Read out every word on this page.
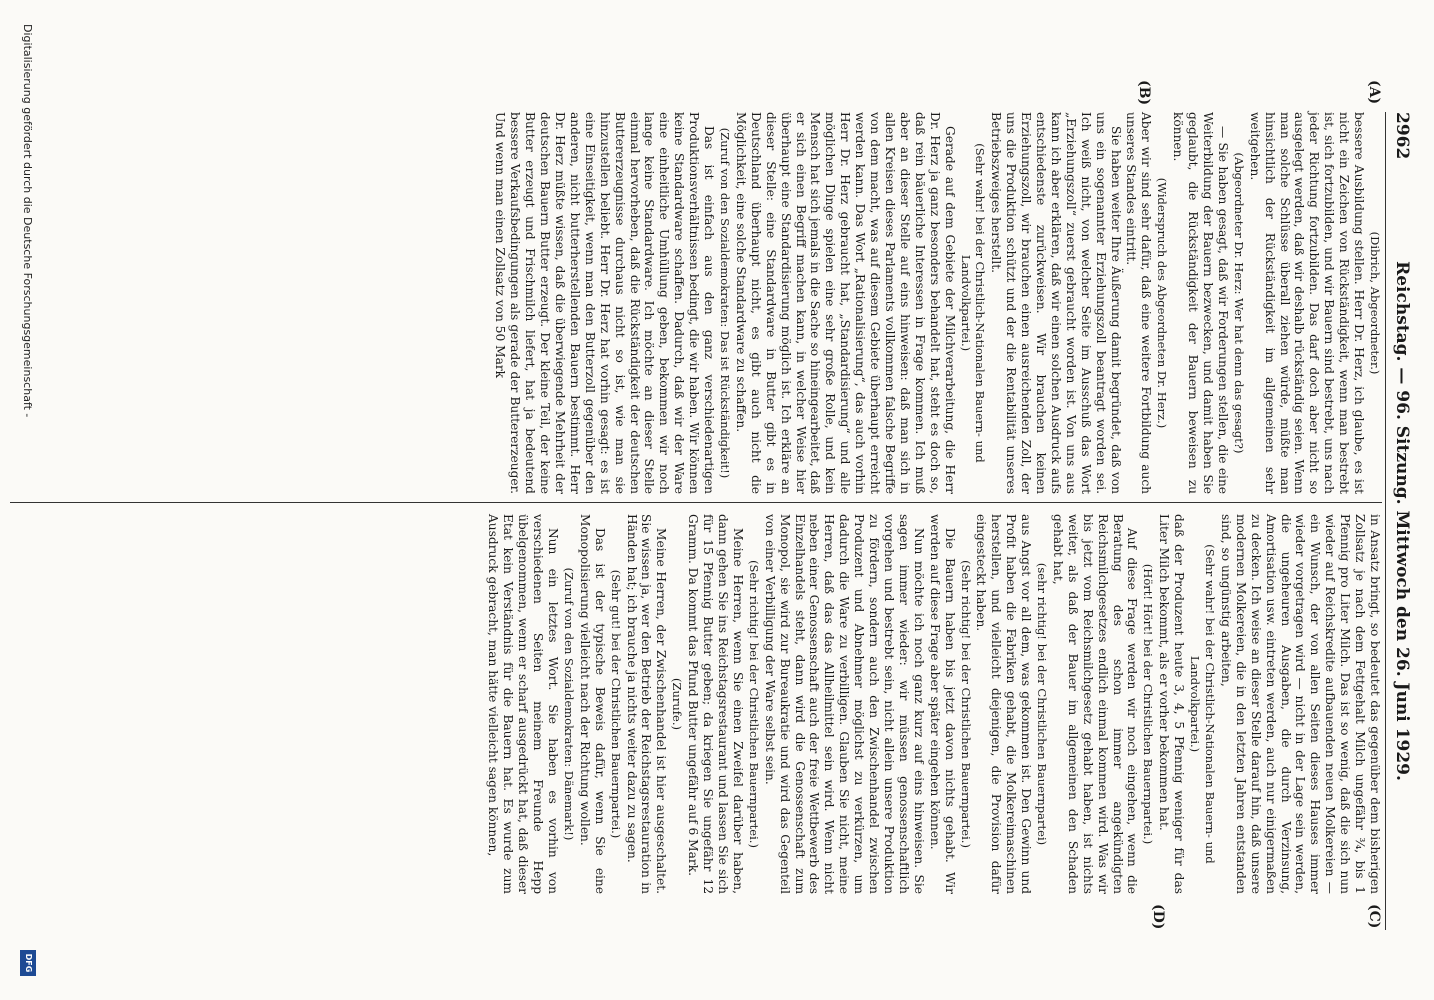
2962
Reichstag. — 96. Sitzung. Mittwoch den 26. Juni 1929.
(A)
(B)
(C)
(D)

(Dibrich, Abgeordneter.)

bessere Ausbildung stellen. Herr Dr. Herz, ich glaube, es ist nicht ein Zeichen von Rückständigkeit, wenn man bestrebt ist, sich fortzubilden, und wir Bauern sind bestrebt, uns nach jeder Richtung fortzubilden. Das darf doch aber nicht so ausgelegt werden, daß wir deshalb rückständig seien. Wenn man solche Schlüsse überall ziehen würde, müßte man hinsichtlich der Rückständigkeit im allgemeinen sehr weitgehen.

(Abgeordneter Dr. Herz: Wer hat denn das gesagt?)

— Sie haben gesagt, daß wir Forderungen stellen, die eine Weiterbildung der Bauern bezwecken, und damit haben Sie geglaubt, die Rückständigkeit der Bauern beweisen zu können.

(Widerspruch des Abgeordneten Dr. Herz.)

Aber wir sind sehr dafür, daß eine weitere Fortbildung auch unseres Standes eintritt.

Sie haben weiter Ihre Äußerung damit begründet, daß von uns ein sogenannter Erziehungszoll beantragt worden sei. Ich weiß nicht, von welcher Seite im Ausschuß das Wort „Erziehungszoll“ zuerst gebraucht worden ist. Von uns aus kann ich aber erklären, daß wir einen solchen Ausdruck aufs entschiedenste zurückweisen. Wir brauchen keinen Erziehungszoll, wir brauchen einen ausreichenden Zoll, der uns die Produktion schützt und der die Rentabilität unseres Betriebszweiges herstellt.

(Sehr wahr! bei der Christlich-Nationalen Bauern- und Landvolkpartei.)

Gerade auf dem Gebiete der Milchverarbeitung, die Herr Dr. Herz ja ganz besonders behandelt hat, steht es doch so, daß rein bäuerliche Interessen in Frage kommen. Ich muß aber an dieser Stelle auf eins hinweisen: daß man sich in allen Kreisen dieses Parlaments vollkommen falsche Begriffe von dem macht, was auf diesem Gebiete überhaupt erreicht werden kann. Das Wort „Rationalisierung“, das auch vorhin Herr Dr. Herz gebraucht hat, „Standardisierung“ und alle möglichen Dinge spielen eine sehr große Rolle, und kein Mensch hat sich jemals in die Sache so hineingearbeitet, daß er sich einen Begriff machen kann, in welcher Weise hier überhaupt eine Standardisierung möglich ist. Ich erkläre an dieser Stelle: eine Standardware in Butter gibt es in Deutschland überhaupt nicht, es gibt auch nicht die Möglichkeit, eine solche Standardware zu schaffen.

(Zuruf von den Sozialdemokraten: Das ist Rückständigkeit!)

Das ist einfach aus den ganz verschiedenartigen Produktionsverhältnissen bedingt, die wir haben. Wir können keine Standardware schaffen. Dadurch, daß wir der Ware eine einheitliche Umhüllung geben, bekommen wir noch lange keine Standardware. Ich möchte an dieser Stelle einmal hervorheben, daß die Rückständigkeit der deutschen Buttererzeugnisse durchaus nicht so ist, wie man sie hinzustellen beliebt. Herr Dr. Herz hat vorhin gesagt: es ist eine Einseitigkeit, wenn man den Butterzoll gegenüber den anderen, nicht butterherstellenden Bauern bestimmt. Herr Dr. Herz müßte wissen, daß die überwiegende Mehrheit der deutschen Bauern Butter erzeugt. Der kleine Teil, der keine Butter erzeugt und Frischmilch liefert, hat ja bedeutend bessere Verkaufsbedingungen als gerade der Buttererzeuger. Und wenn man einen Zollsatz von 50 Mark

in Ansatz bringt, so bedeutet das gegenüber dem bisherigen Zollsatz je nach dem Fettgehalt Milch ungefähr ¾, bis 1 Pfennig pro Liter Milch. Das ist so wenig, daß die sich nun wieder auf Reichskredite aufbauenden neuen Molkereien — ein Wunsch, der von allen Seiten dieses Hauses immer wieder vorgetragen wird — nicht in der Lage sein werden, die ungeheuren Ausgaben, die durch Verzinsung, Amortisation usw. eintreten werden, auch nur einigermaßen zu decken. Ich weise an dieser Stelle darauf hin, daß unsere modernen Molkereien, die in den letzten Jahren entstanden sind, so ungünstig arbeiten,

(Sehr wahr! bei der Christlich-Nationalen Bauern- und Landvolkpartei.)

daß der Produzent heute 3, 4, 5 Pfennig weniger für das Liter Milch bekommt, als er vorher bekommen hat.

(Hört! Hört! bei der Christlichen Bauernpartei.)

Auf diese Frage werden wir noch eingehen, wenn die Beratung des schon immer angekündigten Reichsmilchgesetzes endlich einmal kommen wird. Was wir bis jetzt vom Reichsmilchgesetz gehabt haben, ist nichts weiter, als daß der Bauer im allgemeinen den Schaden gehabt hat,

(sehr richtig! bei der Christlichen Bauernpartei)

aus Angst vor all dem, was gekommen ist. Den Gewinn und Profit haben die Fabriken gehabt, die Molkereimaschinen herstellen, und vielleicht diejenigen, die Provision dafür eingesteckt haben.

(Sehr richtig! bei der Christlichen Bauernpartei.)

Die Bauern haben bis jetzt davon nichts gehabt. Wir werden auf diese Frage aber später eingehen können.

Nun möchte ich noch ganz kurz auf eins hinweisen. Sie sagen immer wieder: wir müssen genossenschaftlich vorgehen und bestrebt sein, nicht allein unsere Produktion zu fördern, sondern auch den Zwischenhandel zwischen Produzent und Abnehmer möglichst zu verkürzen, um dadurch die Ware zu verbilligen. Glauben Sie nicht, meine Herren, daß das das Allheilmittel sein wird. Wenn nicht neben einer Genossenschaft auch der freie Wettbewerb des Einzelhandels steht, dann wird die Genossenschaft zum Monopol, sie wird zur Bureaukratie und wird das Gegenteil von einer Verbilligung der Ware selbst sein.

(Sehr richtig! bei der Christlichen Bauernpartei.)

Meine Herren, wenn Sie einen Zweifel darüber haben, dann gehen Sie ins Reichstagsrestaurant und lassen Sie sich für 15 Pfennig Butter geben; da kriegen Sie ungefähr 12 Gramm. Da kommt das Pfund Butter ungefähr auf 6 Mark.

(Zurufe.)

Meine Herren, der Zwischenhandel ist hier ausgeschaltet. Sie wissen ja, wer den Betrieb der Reichstagsrestauration in Händen hat; ich brauche ja nichts weiter dazu zu sagen.

(Sehr gut! bei der Christlichen Bauernpartei.)

Das ist der typische Beweis dafür, wenn Sie eine Monopolisierung vielleicht nach der Richtung wollen.

(Zuruf von den Sozialdemokraten: Dänemark!)

Nun ein letztes Wort. Sie haben es vorhin von verschiedenen Seiten meinem Freunde Hepp übelgenommen, wenn er scharf ausgedrückt hat, daß dieser Etat kein Verständnis für die Bauern hat. Es wurde zum Ausdruck gebracht, man hätte vielleicht sagen können,

Digitalisierung gefördert durch die Deutsche Forschungsgemeinschaft -
DFG
